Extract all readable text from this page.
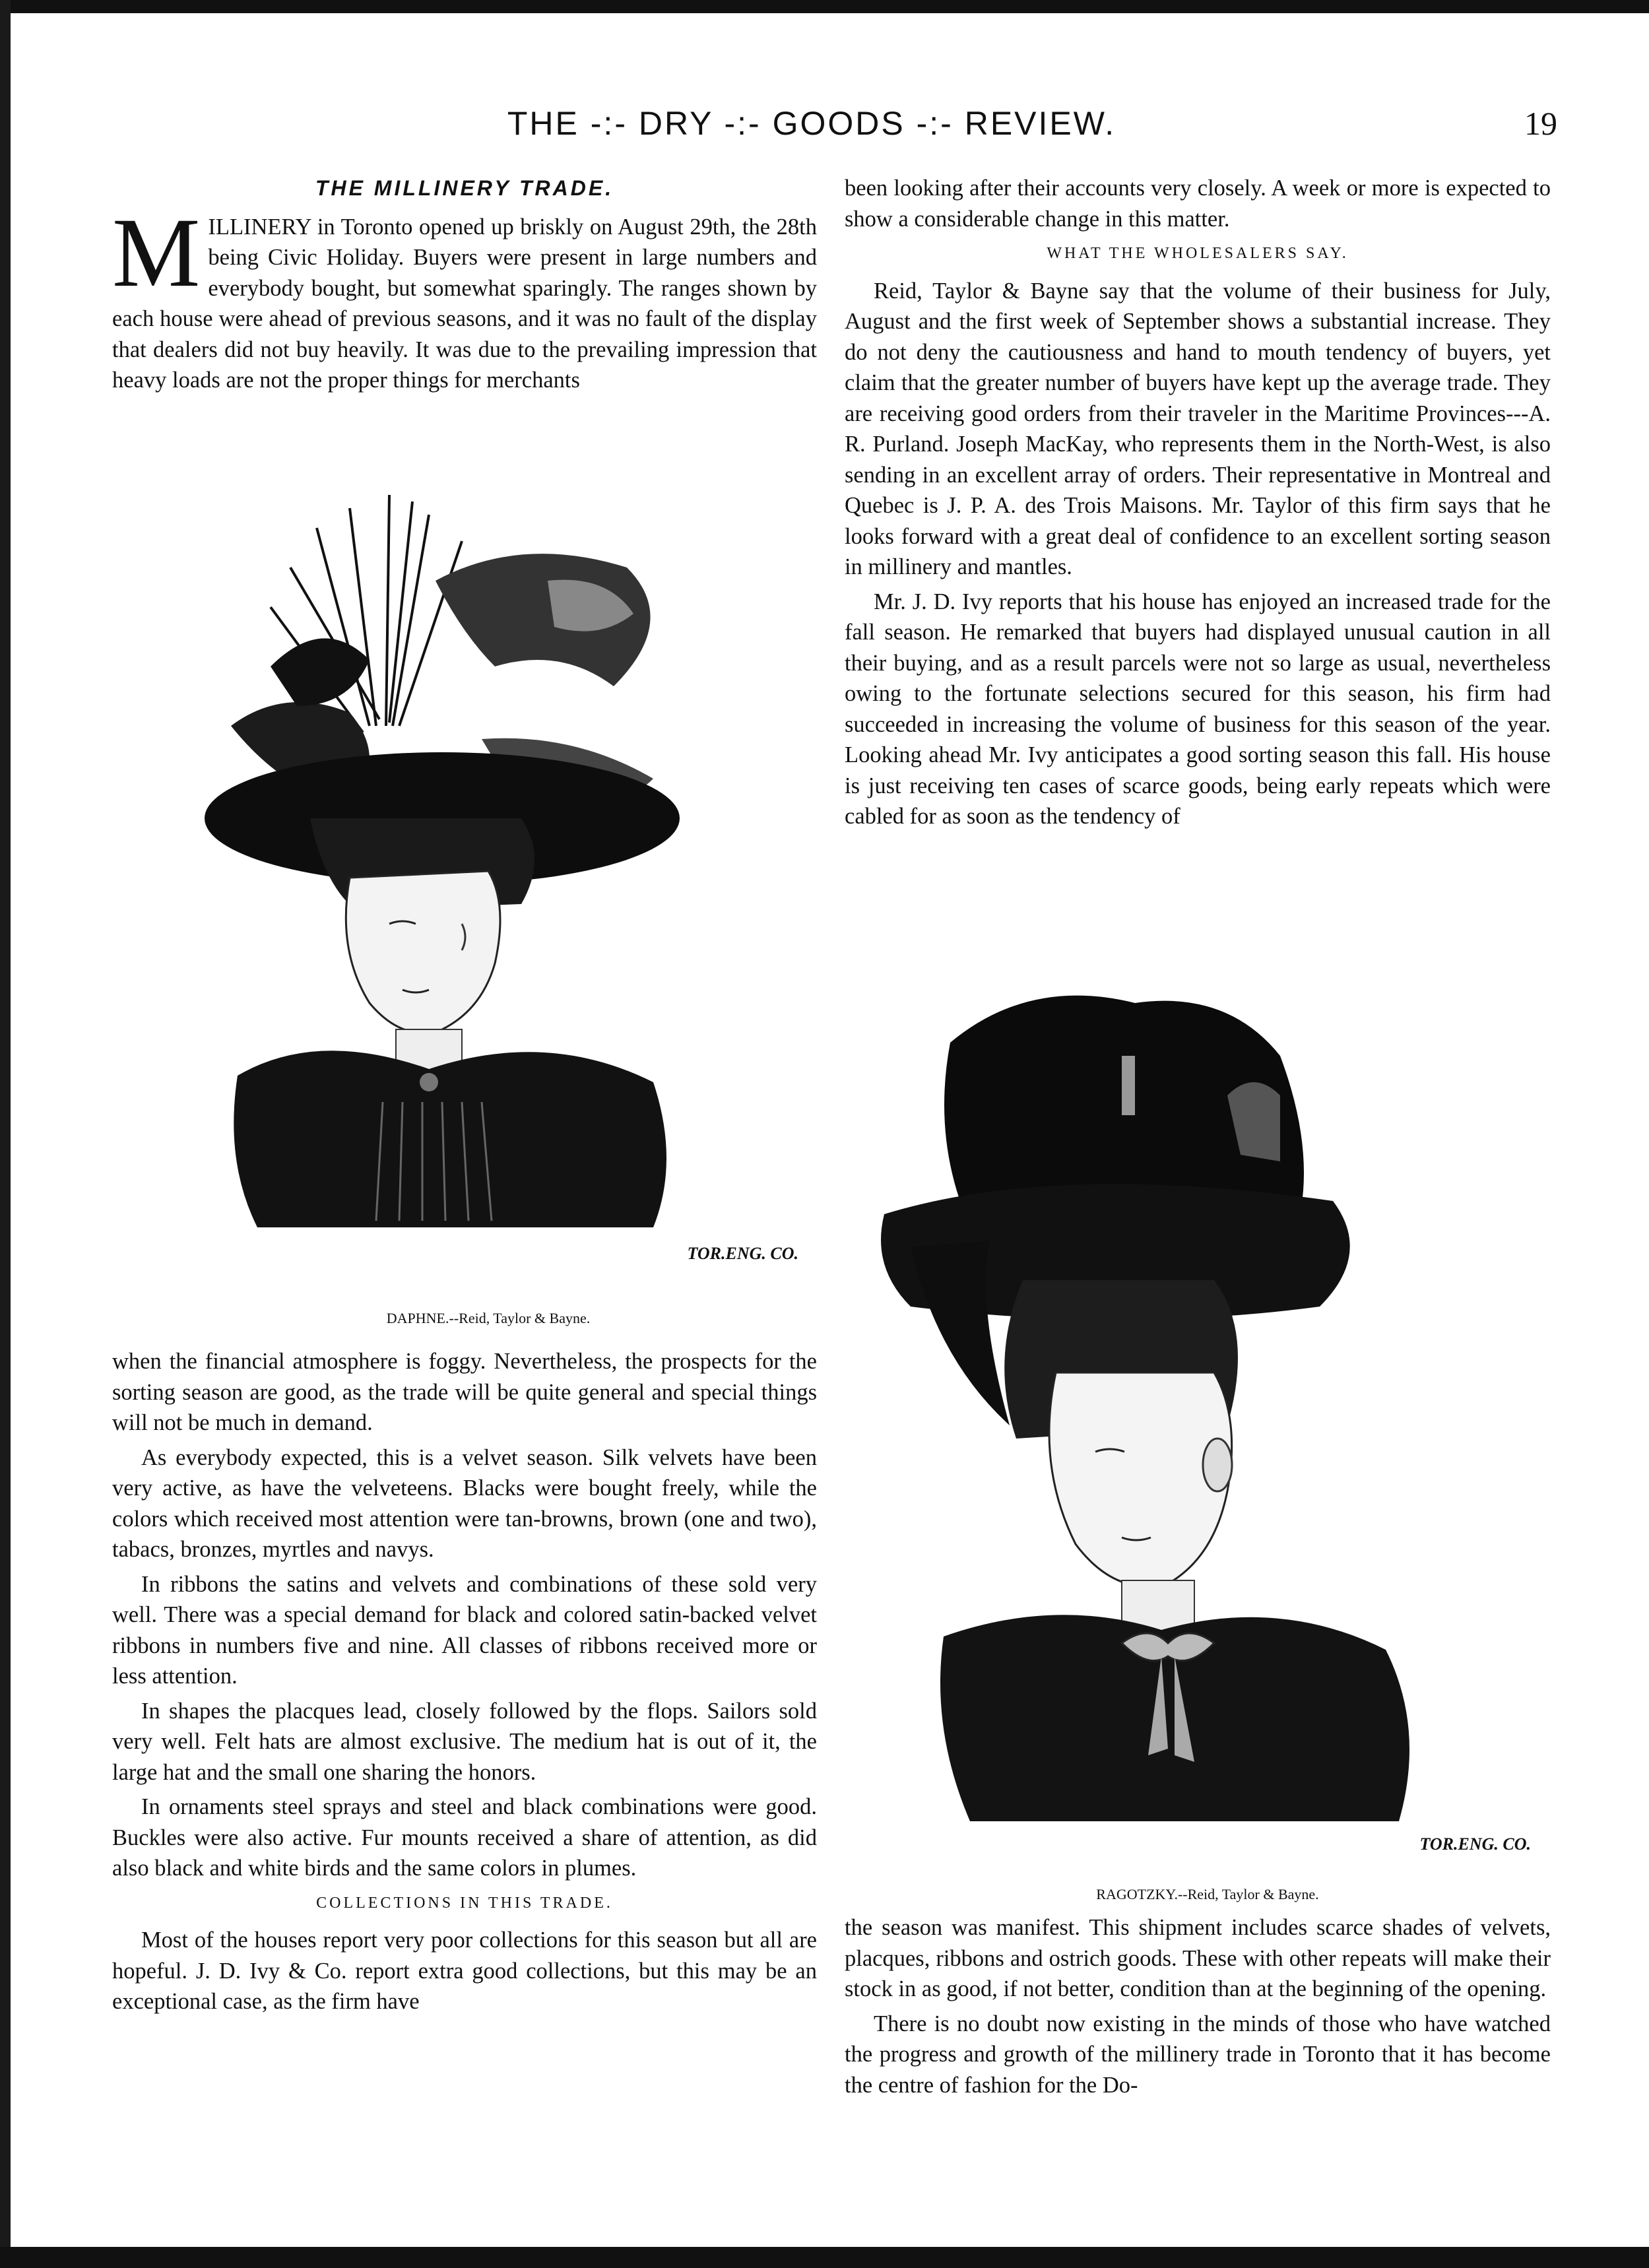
THE -:- DRY -:- GOODS -:- REVIEW.	19
THE MILLINERY TRADE.

MILLINERY in Toronto opened up briskly on August 29th, the 28th being Civic Holiday. Buyers were present in large numbers and everybody bought, but somewhat sparingly. The ranges shown by each house were ahead of previous seasons, and it was no fault of the display that dealers did not buy heavily. It was due to the prevailing impression that heavy loads are not the proper things for merchants

TOR.ENG. CO.
DAPHNE.--Reid, Taylor & Bayne.

when the financial atmosphere is foggy. Nevertheless, the prospects for the sorting season are good, as the trade will be quite general and special things will not be much in demand.

As everybody expected, this is a velvet season. Silk velvets have been very active, as have the velveteens. Blacks were bought freely, while the colors which received most attention were tan-browns, brown (one and two), tabacs, bronzes, myrtles and navys.

In ribbons the satins and velvets and combinations of these sold very well. There was a special demand for black and colored satin-backed velvet ribbons in numbers five and nine. All classes of ribbons received more or less attention.

In shapes the placques lead, closely followed by the flops. Sailors sold very well. Felt hats are almost exclusive. The medium hat is out of it, the large hat and the small one sharing the honors.

In ornaments steel sprays and steel and black combinations were good. Buckles were also active. Fur mounts received a share of attention, as did also black and white birds and the same colors in plumes.

COLLECTIONS IN THIS TRADE.

Most of the houses report very poor collections for this season but all are hopeful. J. D. Ivy & Co. report extra good collections, but this may be an exceptional case, as the firm have

been looking after their accounts very closely. A week or more is expected to show a considerable change in this matter.

WHAT THE WHOLESALERS SAY.

Reid, Taylor & Bayne say that the volume of their business for July, August and the first week of September shows a substantial increase. They do not deny the cautiousness and hand to mouth tendency of buyers, yet claim that the greater number of buyers have kept up the average trade. They are receiving good orders from their traveler in the Maritime Provinces---A. R. Purland. Joseph MacKay, who represents them in the North-West, is also sending in an excellent array of orders. Their representative in Montreal and Quebec is J. P. A. des Trois Maisons. Mr. Taylor of this firm says that he looks forward with a great deal of confidence to an excellent sorting season in millinery and mantles.

Mr. J. D. Ivy reports that his house has enjoyed an increased trade for the fall season. He remarked that buyers had displayed unusual caution in all their buying, and as a result parcels were not so large as usual, nevertheless owing to the fortunate selections secured for this season, his firm had succeeded in increasing the volume of business for this season of the year. Looking ahead Mr. Ivy anticipates a good sorting season this fall. His house is just receiving ten cases of scarce goods, being early repeats which were cabled for as soon as the tendency of

TOR.ENG. CO.
RAGOTZKY.--Reid, Taylor & Bayne.

the season was manifest. This shipment includes scarce shades of velvets, placques, ribbons and ostrich goods. These with other repeats will make their stock in as good, if not better, condition than at the beginning of the opening.

There is no doubt now existing in the minds of those who have watched the progress and growth of the millinery trade in Toronto that it has become the centre of fashion for the Do-
